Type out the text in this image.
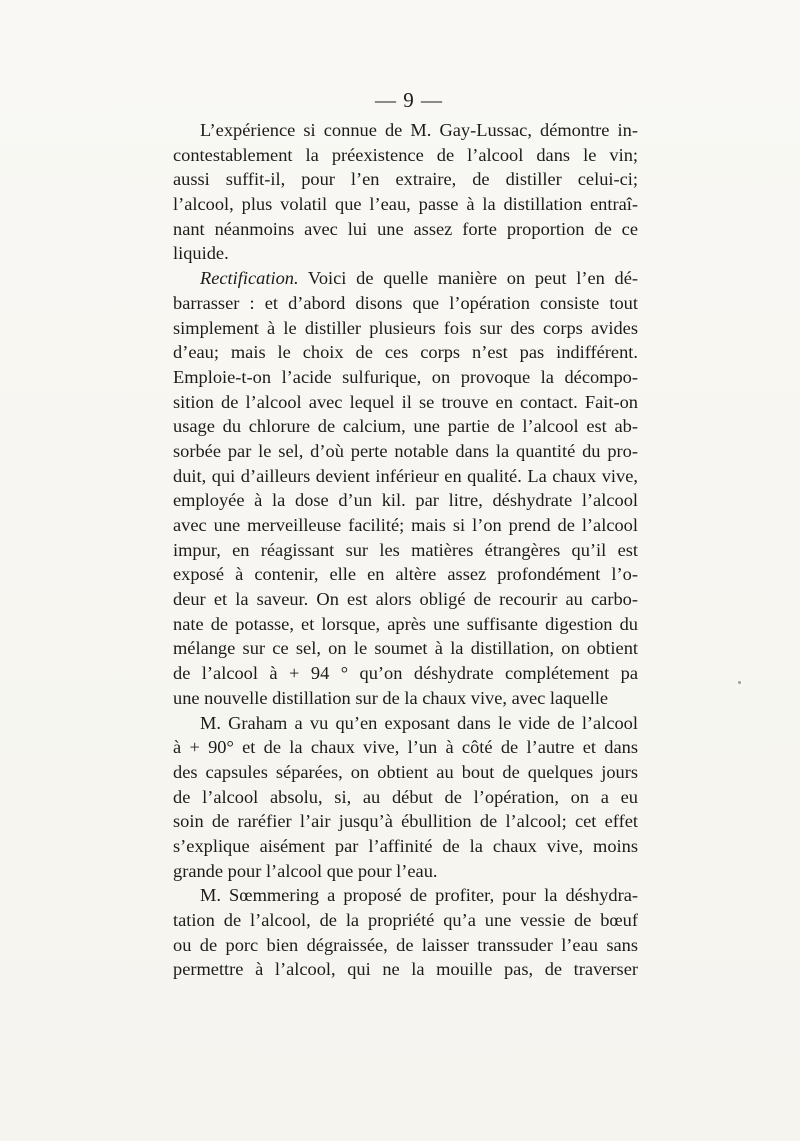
— 9 —
L’expérience si connue de M. Gay-Lussac, démontre in-
contestablement la préexistence de l’alcool dans le vin;
aussi suffit-il, pour l’en extraire, de distiller celui-ci;
l’alcool, plus volatil que l’eau, passe à la distillation entraî-
nant néanmoins avec lui une assez forte proportion de ce
liquide.
Rectification. Voici de quelle manière on peut l’en dé-
barrasser : et d’abord disons que l’opération consiste tout
simplement à le distiller plusieurs fois sur des corps avides
d’eau; mais le choix de ces corps n’est pas indifférent.
Emploie-t-on l’acide sulfurique, on provoque la décompo-
sition de l’alcool avec lequel il se trouve en contact. Fait-on
usage du chlorure de calcium, une partie de l’alcool est ab-
sorbée par le sel, d’où perte notable dans la quantité du pro-
duit, qui d’ailleurs devient inférieur en qualité. La chaux vive,
employée à la dose d’un kil. par litre, déshydrate l’alcool
avec une merveilleuse facilité; mais si l’on prend de l’alcool
impur, en réagissant sur les matières étrangères qu’il est
exposé à contenir, elle en altère assez profondément l’o-
deur et la saveur. On est alors obligé de recourir au carbo-
nate de potasse, et lorsque, après une suffisante digestion du
mélange sur ce sel, on le soumet à la distillation, on obtient
de l’alcool à + 94 ° qu’on déshydrate complétement pa
une nouvelle distillation sur de la chaux vive, avec laquelle
M. Graham a vu qu’en exposant dans le vide de l’alcool
à + 90° et de la chaux vive, l’un à côté de l’autre et dans
des capsules séparées, on obtient au bout de quelques jours
de l’alcool absolu, si, au début de l’opération, on a eu
soin de raréfier l’air jusqu’à ébullition de l’alcool; cet effet
s’explique aisément par l’affinité de la chaux vive, moins
grande pour l’alcool que pour l’eau.
M. Sœmmering a proposé de profiter, pour la déshydra-
tation de l’alcool, de la propriété qu’a une vessie de bœuf
ou de porc bien dégraissée, de laisser transsuder l’eau sans
permettre à l’alcool, qui ne la mouille pas, de traverser
